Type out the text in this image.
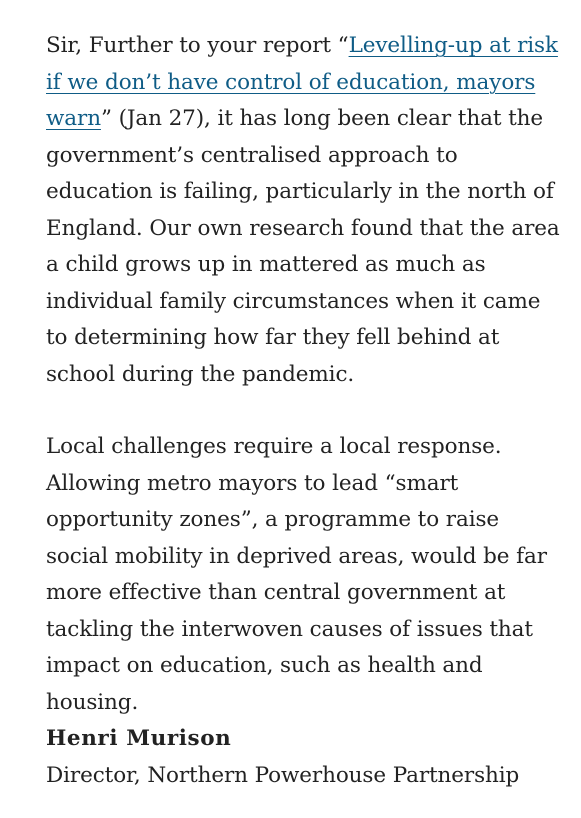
Sir, Further to your report “Levelling-up at risk if we don’t have control of education, mayors warn” (Jan 27), it has long been clear that the government’s centralised approach to education is failing, particularly in the north of England. Our own research found that the area a child grows up in mattered as much as individual family circumstances when it came to determining how far they fell behind at school during the pandemic.

Local challenges require a local response. Allowing metro mayors to lead “smart opportunity zones”, a programme to raise social mobility in deprived areas, would be far more effective than central government at tackling the interwoven causes of issues that impact on education, such as health and housing.

Henri Murison

Director, Northern Powerhouse Partnership
